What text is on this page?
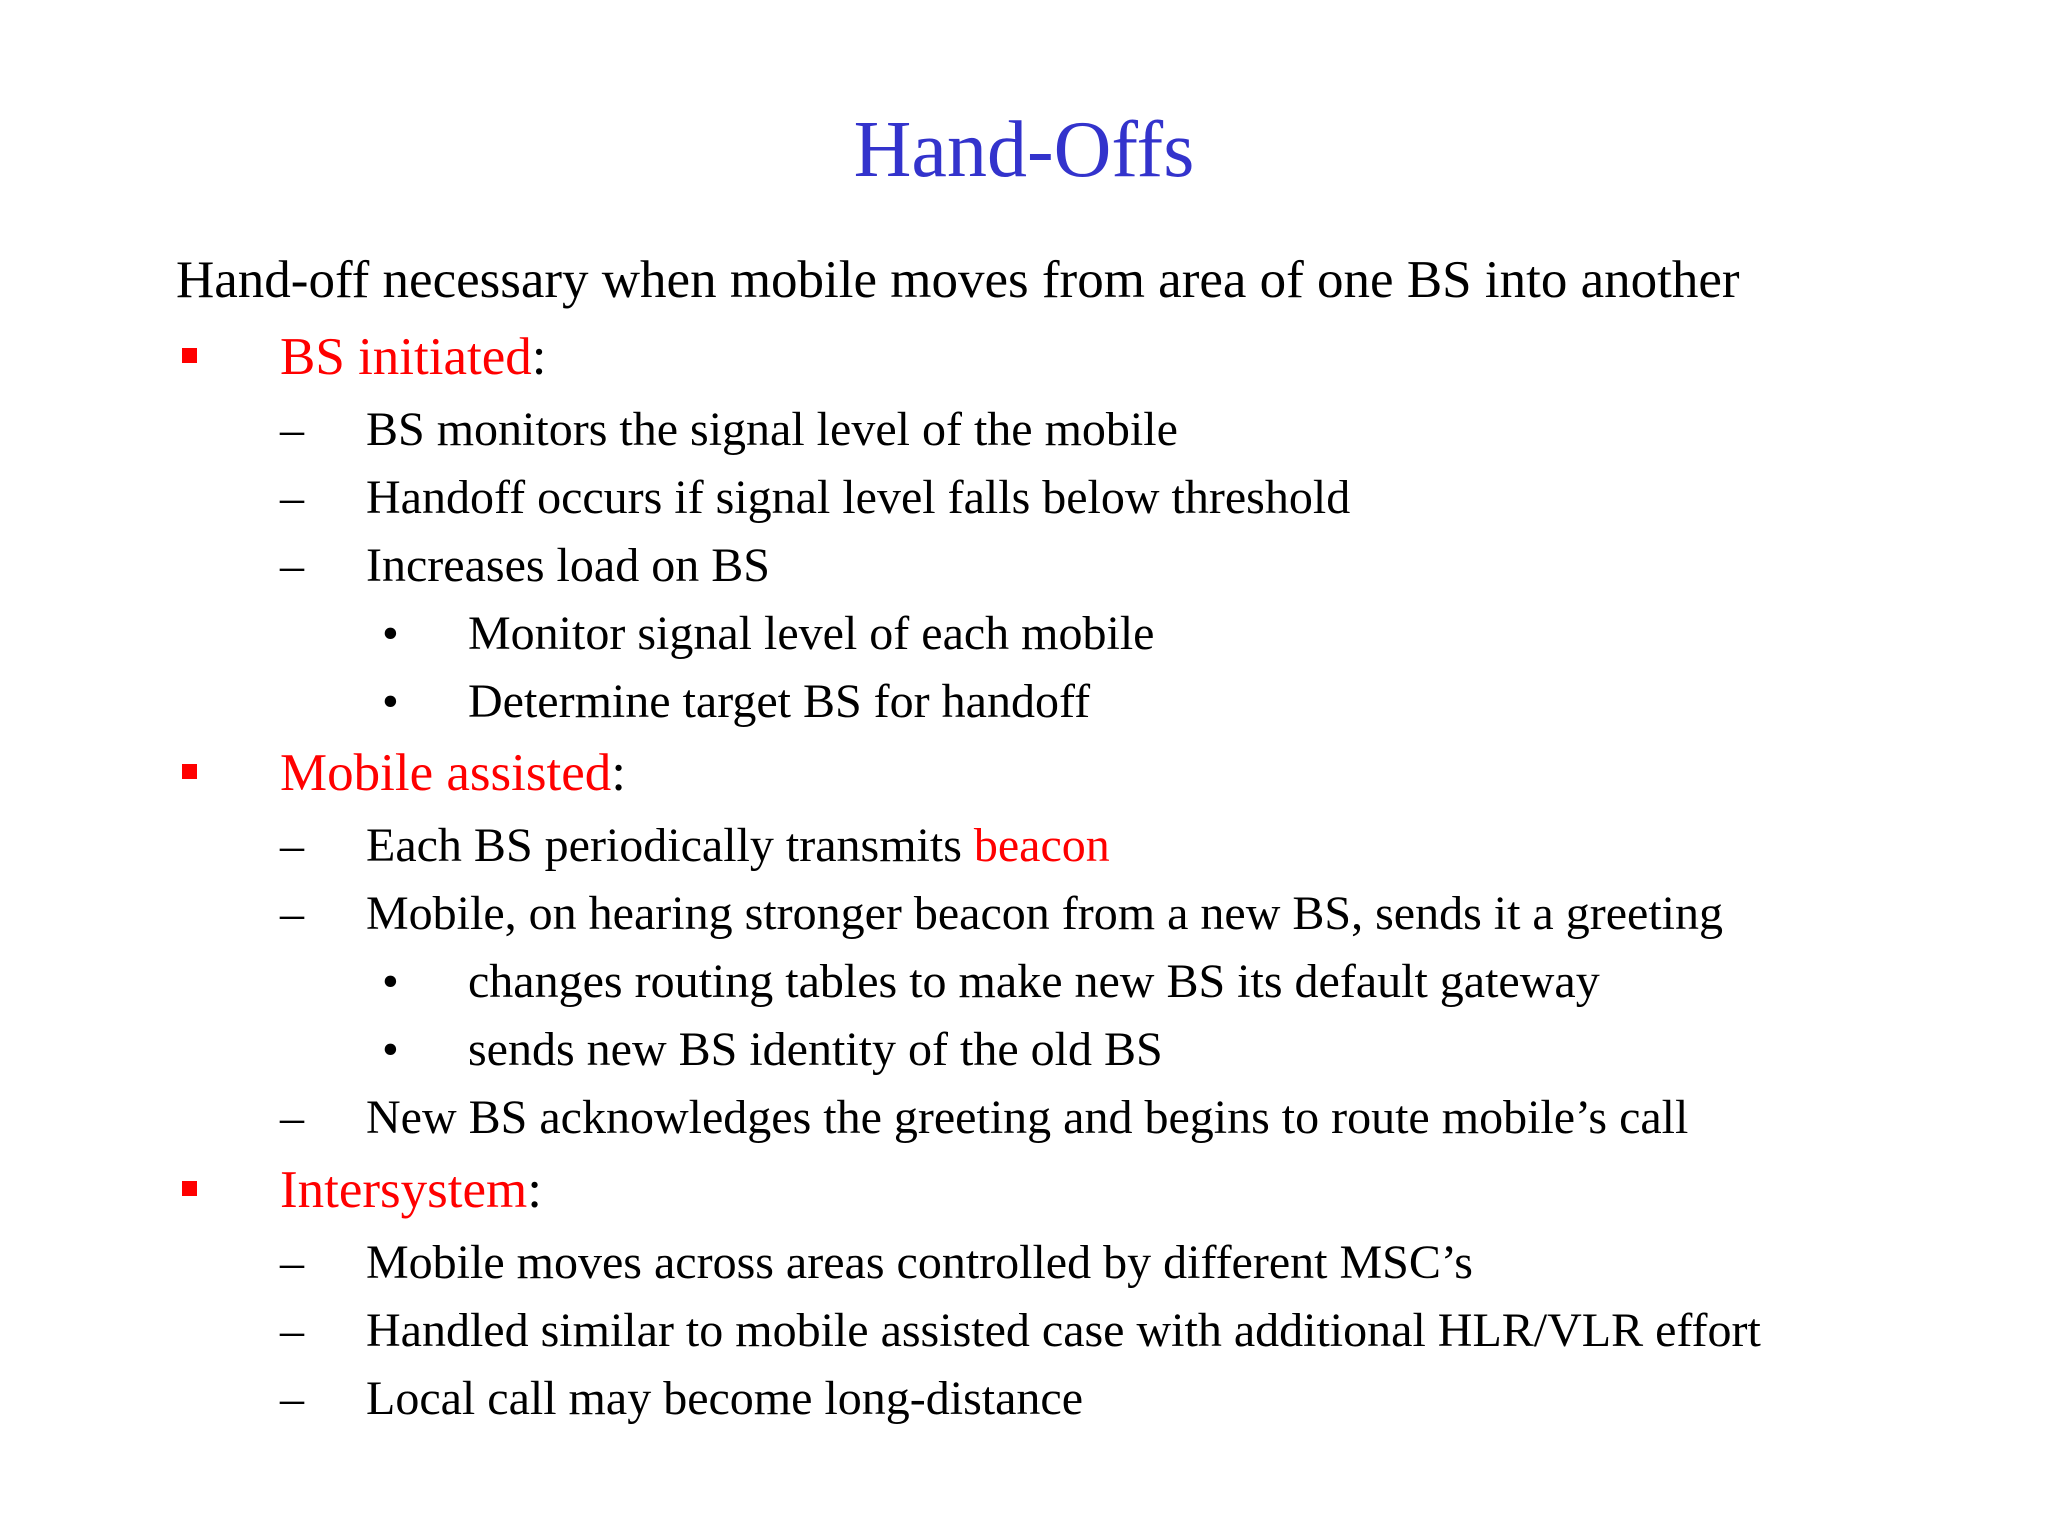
Hand-Offs
Hand-off necessary when mobile moves from area of one BS into another
BS initiated:
– BS monitors the signal level of the mobile
– Handoff occurs if signal level falls below threshold
– Increases load on BS
• Monitor signal level of each mobile
• Determine target BS for handoff
Mobile assisted:
– Each BS periodically transmits beacon
– Mobile, on hearing stronger beacon from a new BS, sends it a greeting
• changes routing tables to make new BS its default gateway
• sends new BS identity of the old BS
– New BS acknowledges the greeting and begins to route mobile’s call
Intersystem:
– Mobile moves across areas controlled by different MSC’s
– Handled similar to mobile assisted case with additional HLR/VLR effort
– Local call may become long-distance
